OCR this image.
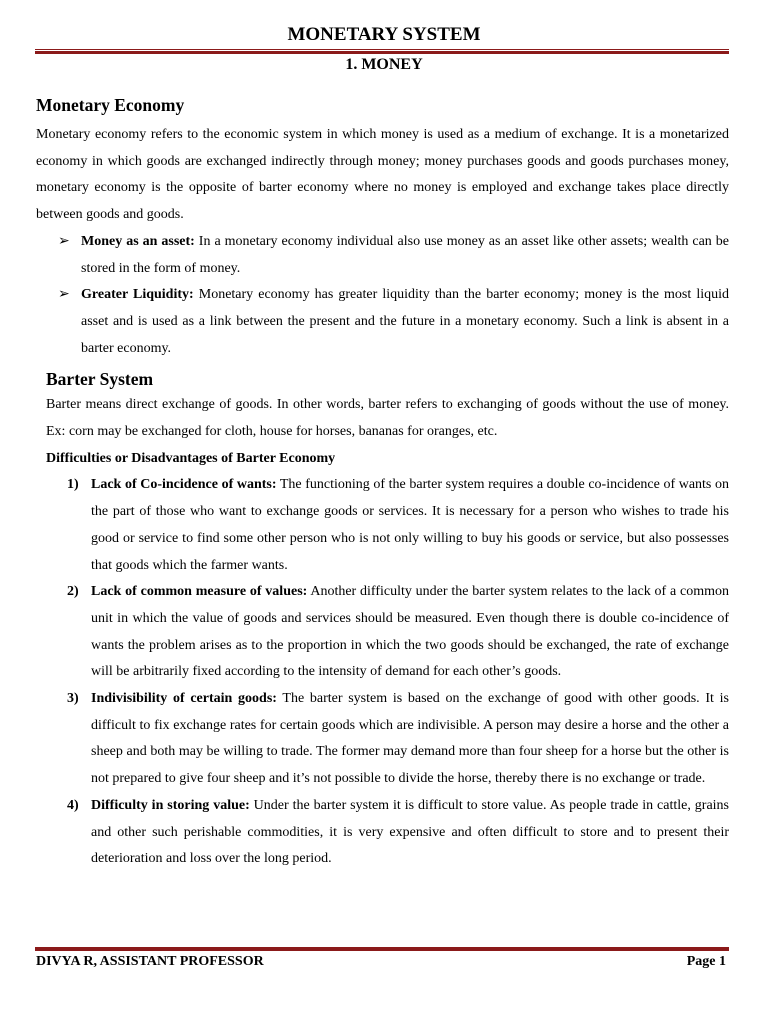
MONETARY SYSTEM
1. MONEY
Monetary Economy

Monetary economy refers to the economic system in which money is used as a medium of exchange. It is a monetarized economy in which goods are exchanged indirectly through money; money purchases goods and goods purchases money, monetary economy is the opposite of barter economy where no money is employed and exchange takes place directly between goods and goods.

➢ Money as an asset: In a monetary economy individual also use money as an asset like other assets; wealth can be stored in the form of money.
➢ Greater Liquidity: Monetary economy has greater liquidity than the barter economy; money is the most liquid asset and is used as a link between the present and the future in a monetary economy. Such a link is absent in a barter economy.
Barter System

Barter means direct exchange of goods. In other words, barter refers to exchanging of goods without the use of money. Ex: corn may be exchanged for cloth, house for horses, bananas for oranges, etc.

Difficulties or Disadvantages of Barter Economy

1) Lack of Co-incidence of wants: The functioning of the barter system requires a double co-incidence of wants on the part of those who want to exchange goods or services. It is necessary for a person who wishes to trade his good or service to find some other person who is not only willing to buy his goods or service, but also possesses that goods which the farmer wants.
2) Lack of common measure of values: Another difficulty under the barter system relates to the lack of a common unit in which the value of goods and services should be measured. Even though there is double co-incidence of wants the problem arises as to the proportion in which the two goods should be exchanged, the rate of exchange will be arbitrarily fixed according to the intensity of demand for each other’s goods.
3) Indivisibility of certain goods: The barter system is based on the exchange of good with other goods. It is difficult to fix exchange rates for certain goods which are indivisible. A person may desire a horse and the other a sheep and both may be willing to trade. The former may demand more than four sheep for a horse but the other is not prepared to give four sheep and it’s not possible to divide the horse, thereby there is no exchange or trade.
4) Difficulty in storing value: Under the barter system it is difficult to store value. As people trade in cattle, grains and other such perishable commodities, it is very expensive and often difficult to store and to present their deterioration and loss over the long period.
DIVYA R, ASSISTANT PROFESSOR	Page 1
